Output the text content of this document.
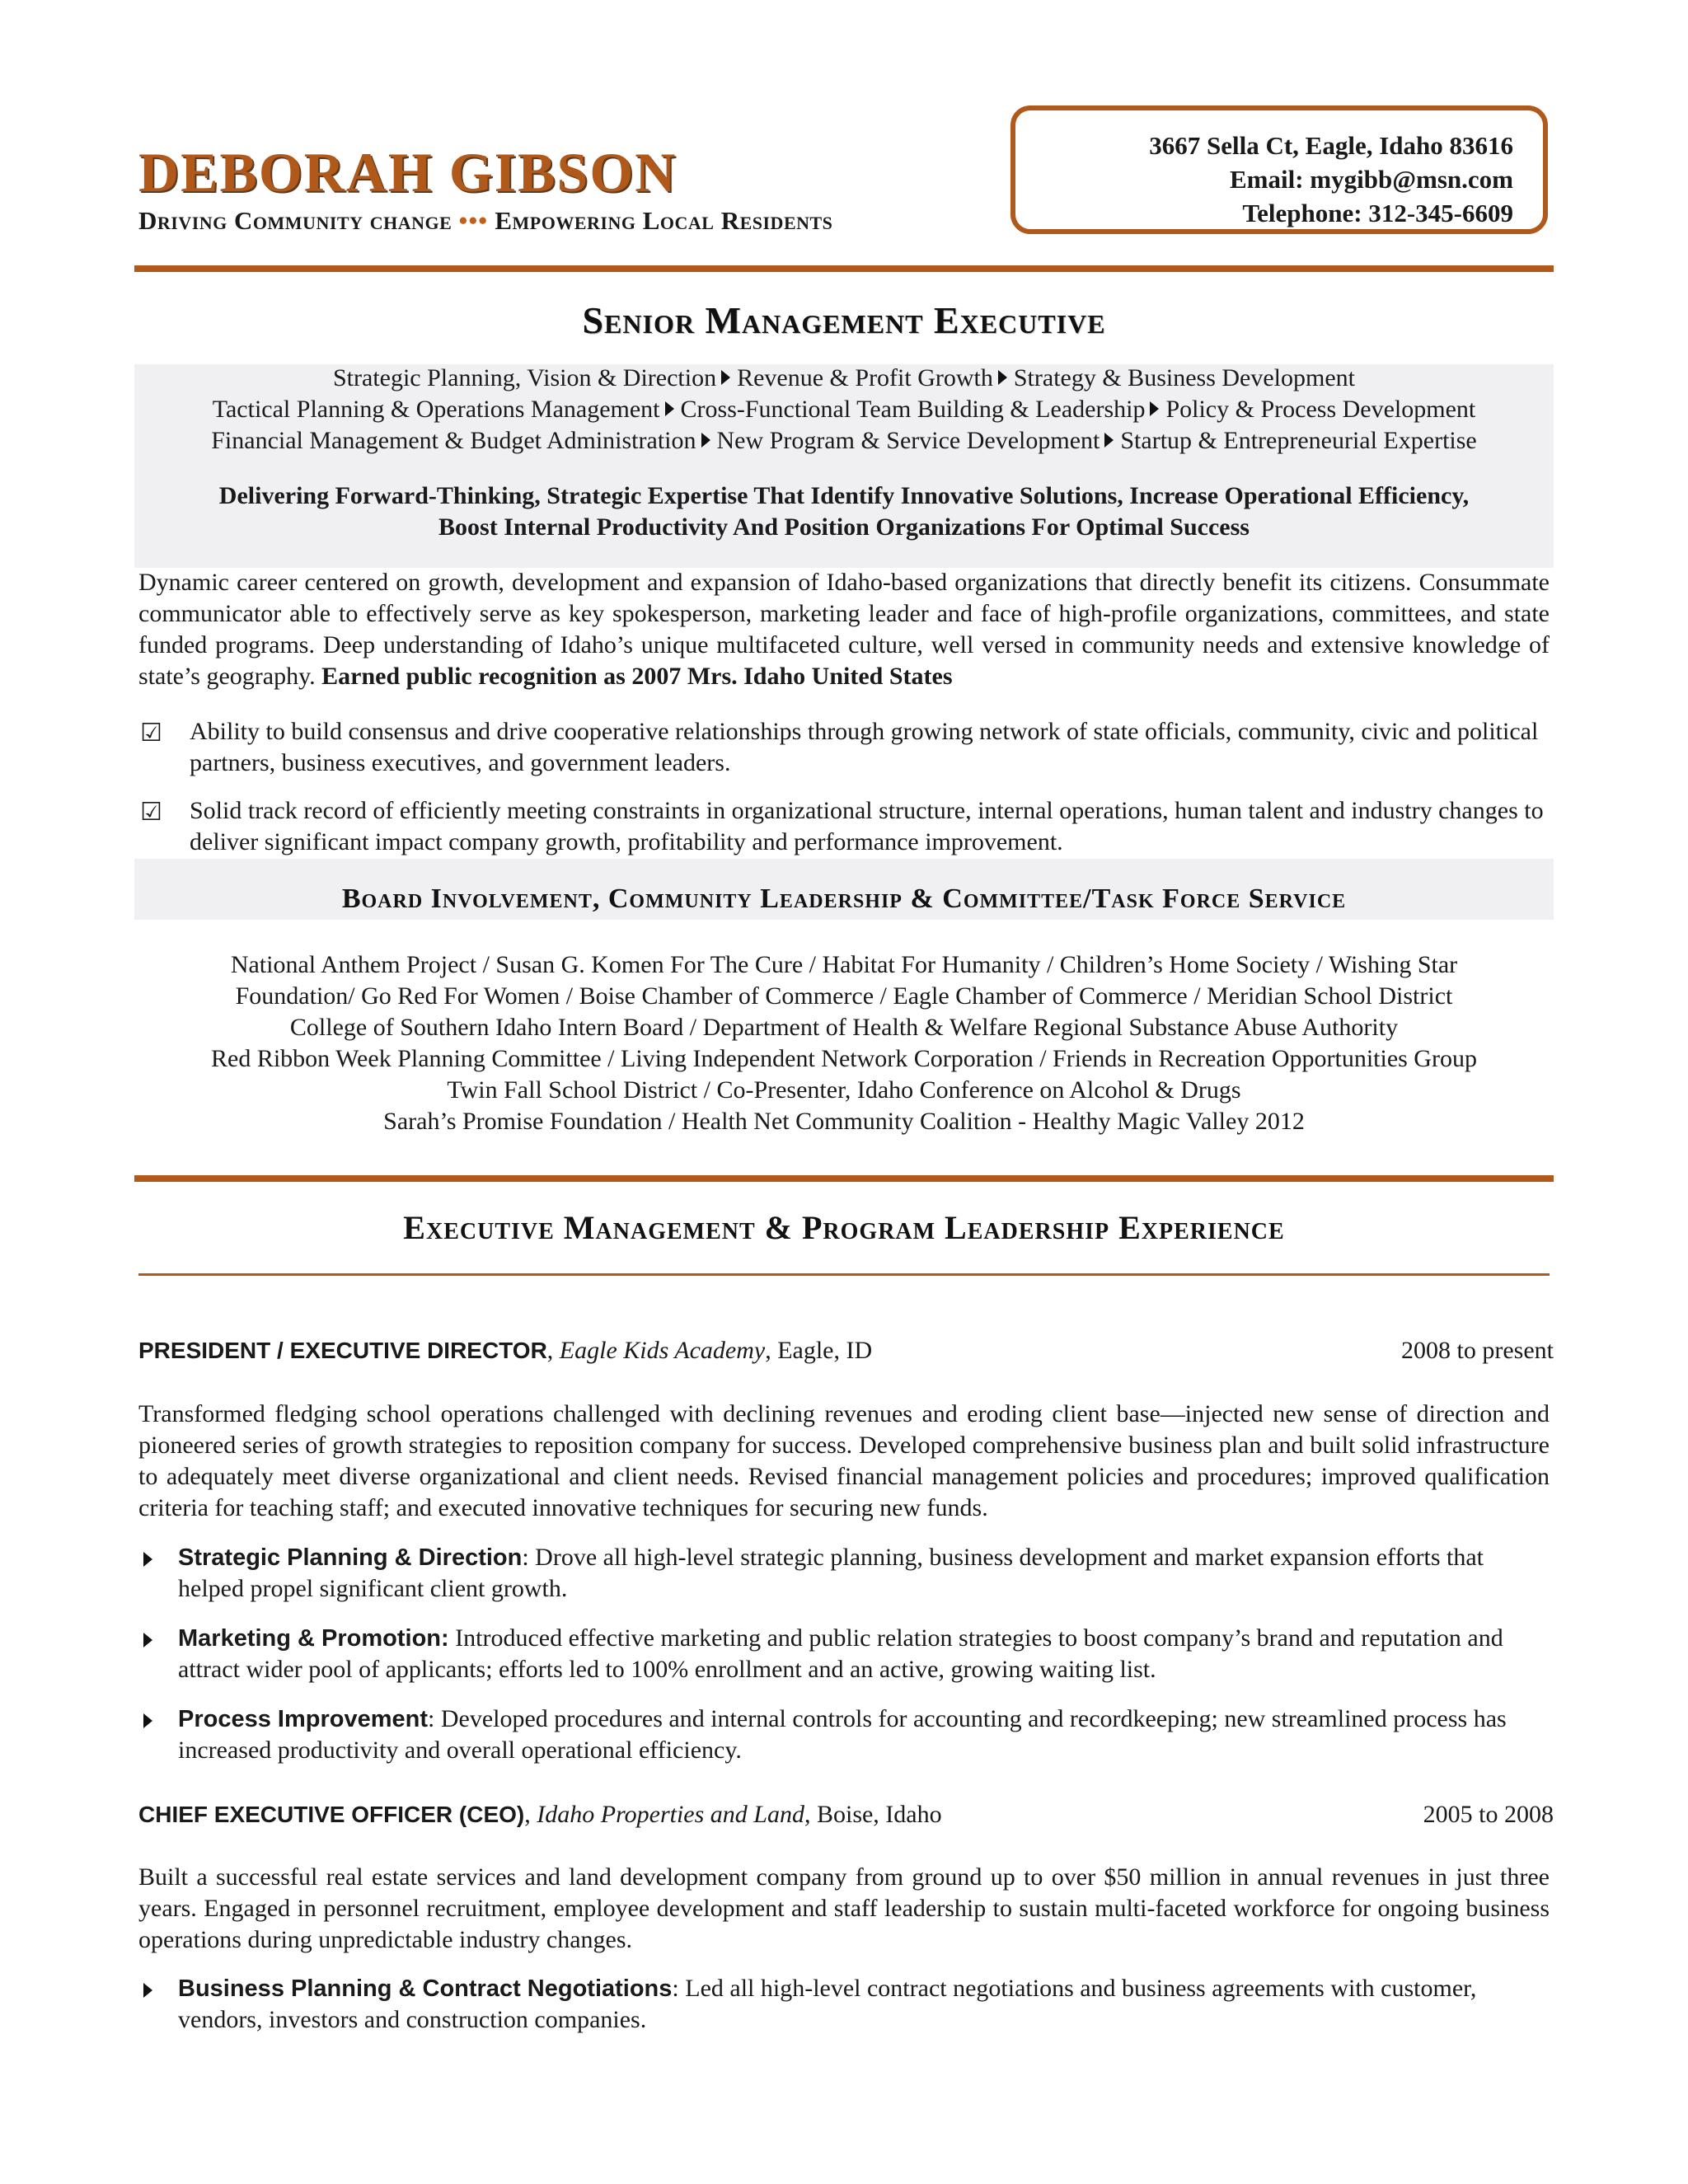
DEBORAH GIBSON
Driving Community change ••• Empowering Local Residents
3667 Sella Ct, Eagle, Idaho 83616
Email: mygibb@msn.com
Telephone: 312-345-6609
Senior Management Executive
Strategic Planning, Vision & Direction Revenue & Profit Growth Strategy & Business Development
Tactical Planning & Operations Management Cross-Functional Team Building & Leadership Policy & Process Development
Financial Management & Budget Administration New Program & Service Development Startup & Entrepreneurial Expertise
Delivering Forward-Thinking, Strategic Expertise That Identify Innovative Solutions, Increase Operational Efficiency,
Boost Internal Productivity And Position Organizations For Optimal Success
Dynamic career centered on growth, development and expansion of Idaho-based organizations that directly benefit its citizens. Consummate communicator able to effectively serve as key spokesperson, marketing leader and face of high-profile organizations, committees, and state funded programs. Deep understanding of Idaho’s unique multifaceted culture, well versed in community needs and extensive knowledge of state’s geography. Earned public recognition as 2007 Mrs. Idaho United States
☑ Ability to build consensus and drive cooperative relationships through growing network of state officials, community, civic and political partners, business executives, and government leaders.
☑ Solid track record of efficiently meeting constraints in organizational structure, internal operations, human talent and industry changes to deliver significant impact company growth, profitability and performance improvement.
Board Involvement, Community Leadership & Committee/Task Force Service
National Anthem Project / Susan G. Komen For The Cure / Habitat For Humanity / Children’s Home Society / Wishing Star
Foundation/ Go Red For Women / Boise Chamber of Commerce / Eagle Chamber of Commerce / Meridian School District
College of Southern Idaho Intern Board / Department of Health & Welfare Regional Substance Abuse Authority
Red Ribbon Week Planning Committee / Living Independent Network Corporation / Friends in Recreation Opportunities Group
Twin Fall School District / Co-Presenter, Idaho Conference on Alcohol & Drugs
Sarah’s Promise Foundation / Health Net Community Coalition - Healthy Magic Valley 2012
Executive Management & Program Leadership Experience
PRESIDENT / EXECUTIVE DIRECTOR, Eagle Kids Academy, Eagle, ID	2008 to present
Transformed fledging school operations challenged with declining revenues and eroding client base—injected new sense of direction and pioneered series of growth strategies to reposition company for success. Developed comprehensive business plan and built solid infrastructure to adequately meet diverse organizational and client needs. Revised financial management policies and procedures; improved qualification criteria for teaching staff; and executed innovative techniques for securing new funds.
Strategic Planning & Direction: Drove all high-level strategic planning, business development and market expansion efforts that helped propel significant client growth.
Marketing & Promotion: Introduced effective marketing and public relation strategies to boost company’s brand and reputation and attract wider pool of applicants; efforts led to 100% enrollment and an active, growing waiting list.
Process Improvement: Developed procedures and internal controls for accounting and recordkeeping; new streamlined process has increased productivity and overall operational efficiency.
CHIEF EXECUTIVE OFFICER (CEO), Idaho Properties and Land, Boise, Idaho	2005 to 2008
Built a successful real estate services and land development company from ground up to over $50 million in annual revenues in just three years. Engaged in personnel recruitment, employee development and staff leadership to sustain multi-faceted workforce for ongoing business operations during unpredictable industry changes.
Business Planning & Contract Negotiations: Led all high-level contract negotiations and business agreements with customer, vendors, investors and construction companies.
